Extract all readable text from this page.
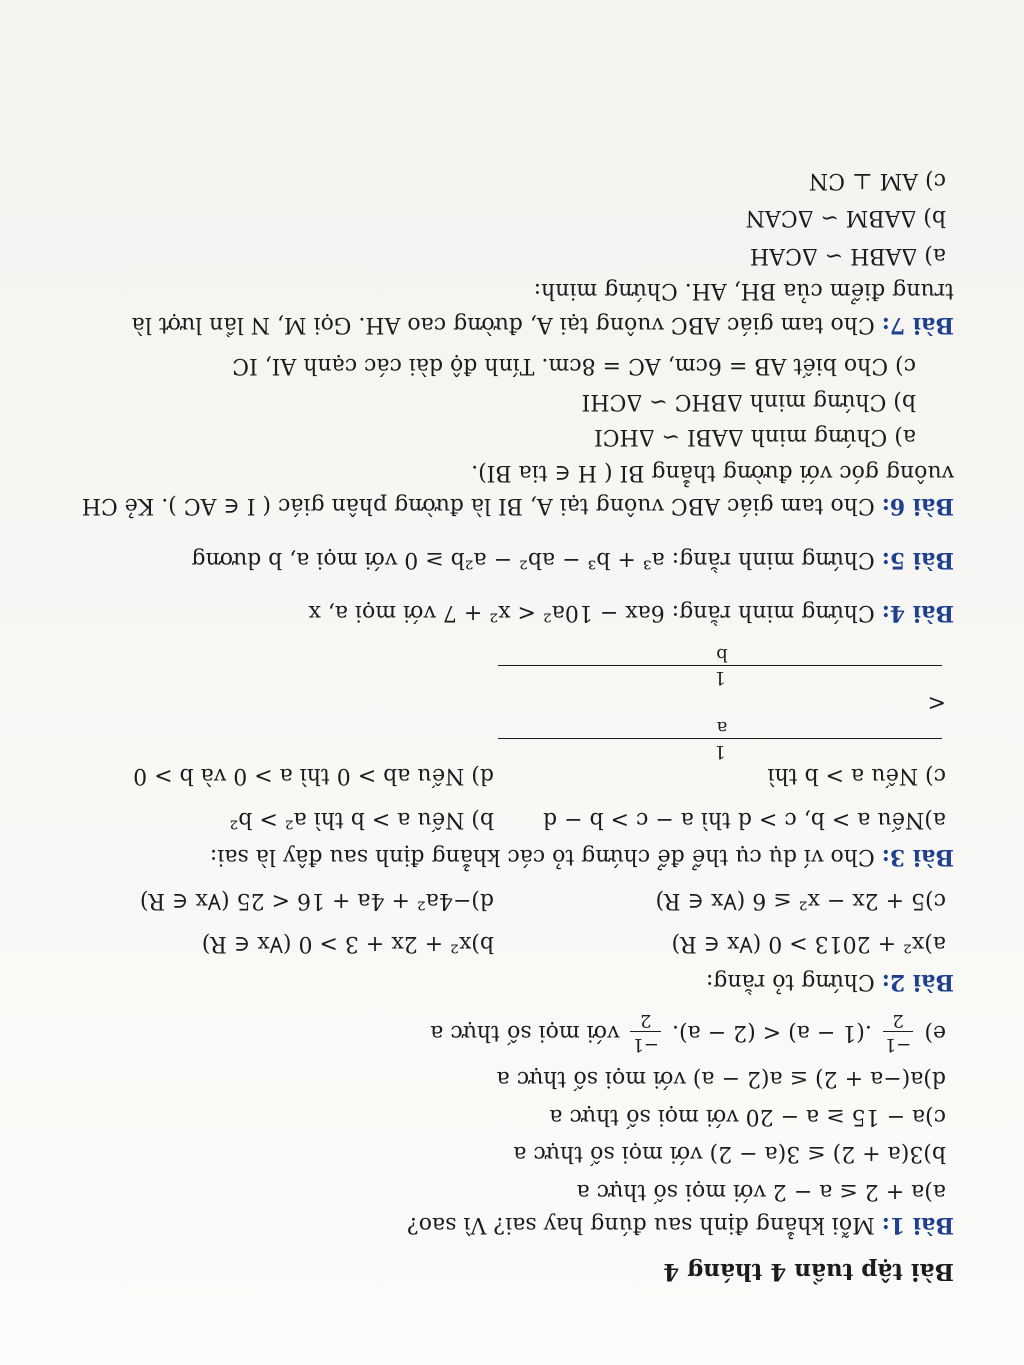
Bài tập tuần 4 tháng 4
Bài 1: Mỗi khẳng định sau đúng hay sai? Vì sao?
a)a + 2 ≤ a − 2 với mọi số thực a
b)3(a + 2) ≤ 3(a − 2) với mọi số thực a
c)a − 15 ≥ a − 20 với mọi số thực a
d)a(−a + 2) ≤ a(2 − a) với mọi số thực a
e)
−1
2
.(1 − a) < (2 − a).
−1
2
với mọi số thực a
Bài 2: Chứng tỏ rằng:
a)x² + 2013 > 0 (∀x ∈ R)
b)x² + 2x + 3 > 0 (∀x ∈ R)
c)5 + 2x − x² ≤ 6 (∀x ∈ R)
d)−4a² + 4a + 16 < 25 (∀x ∈ R)
Bài 3: Cho ví dụ cụ thể để chứng tỏ các khẳng định sau đây là sai:
a)Nếu a > b, c > d thì a − c > b − d
b) Nếu a > b thì a² > b²
c) Nếu a > b thì
1
a
<
1
b
d) Nếu ab > 0 thì a > 0 và b > 0
Bài 4: Chứng minh rằng: 6ax − 10a² < x² + 7 với mọi a, x
Bài 5: Chứng minh rằng: a³ + b³ − ab² − a²b ≥ 0 với mọi a, b dương
Bài 6: Cho tam giác ABC vuông tại A, BI là đường phân giác ( I ∈ AC ). Kẻ CH
vuông góc với đường thẳng BI ( H ∈ tia BI).
a) Chứng minh ΔABI ∽ ΔHCI
b) Chứng minh ΔBHC ∽ ΔCHI
c) Cho biết AB = 6cm, AC = 8cm. Tính độ dài các cạnh AI, IC
Bài 7: Cho tam giác ABC vuông tại A, đường cao AH. Gọi M, N lần lượt là
trung điểm của BH, AH. Chứng minh:
a) ΔABH ∽ ΔCAH
b) ΔABM ∽ ΔCAN
c) AM ⊥ CN
